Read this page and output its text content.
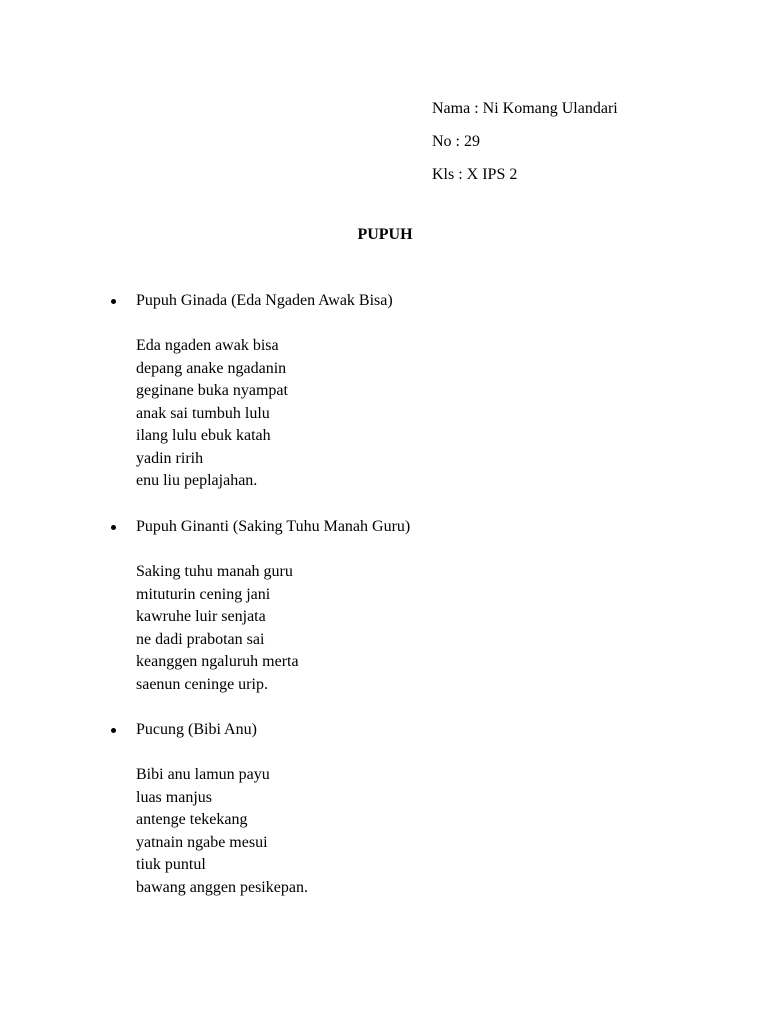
Nama : Ni Komang Ulandari
No : 29
Kls : X IPS 2
PUPUH
Pupuh Ginada (Eda Ngaden Awak Bisa)
Eda ngaden awak bisa
depang anake ngadanin
geginane buka nyampat
anak sai tumbuh lulu
ilang lulu ebuk katah
yadin ririh
enu liu peplajahan.
Pupuh Ginanti (Saking Tuhu Manah Guru)
Saking tuhu manah guru
mituturin cening jani
kawruhe luir senjata
ne dadi prabotan sai
keanggen ngaluruh merta
saenun ceninge urip.
Pucung (Bibi Anu)
Bibi anu lamun payu
luas manjus
antenge tekekang
yatnain ngabe mesui
tiuk puntul
bawang anggen pesikepan.
